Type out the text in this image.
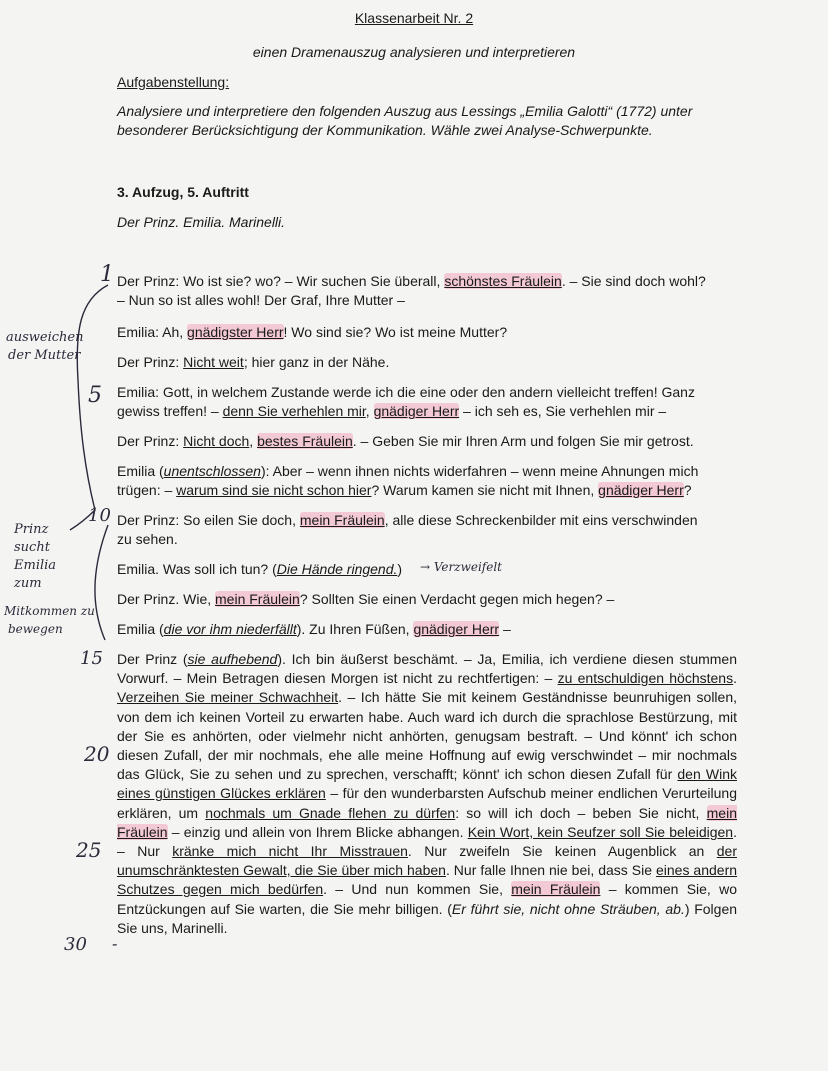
Klassenarbeit Nr. 2
einen Dramenauszug analysieren und interpretieren
Aufgabenstellung:
Analysiere und interpretiere den folgenden Auszug aus Lessings „Emilia Galotti“ (1772) unter besonderer Berücksichtigung der Kommunikation. Wähle zwei Analyse-Schwerpunkte.
3. Aufzug, 5. Auftritt
Der Prinz. Emilia. Marinelli.
Der Prinz: Wo ist sie? wo? – Wir suchen Sie überall, schönstes Fräulein. – Sie sind doch wohl?
– Nun so ist alles wohl! Der Graf, Ihre Mutter –
Emilia: Ah, gnädigster Herr! Wo sind sie? Wo ist meine Mutter?
Der Prinz: Nicht weit; hier ganz in der Nähe.
Emilia: Gott, in welchem Zustande werde ich die eine oder den andern vielleicht treffen! Ganz
gewiss treffen! – denn Sie verhehlen mir, gnädiger Herr – ich seh es, Sie verhehlen mir –
Der Prinz: Nicht doch, bestes Fräulein. – Geben Sie mir Ihren Arm und folgen Sie mir getrost.
Emilia (unentschlossen): Aber – wenn ihnen nichts widerfahren – wenn meine Ahnungen mich
trügen: – warum sind sie nicht schon hier? Warum kamen sie nicht mit Ihnen, gnädiger Herr?
Der Prinz: So eilen Sie doch, mein Fräulein, alle diese Schreckenbilder mit eins verschwinden
zu sehen.
Emilia. Was soll ich tun? (Die Hände ringend.)
Der Prinz. Wie, mein Fräulein? Sollten Sie einen Verdacht gegen mich hegen? –
Emilia (die vor ihm niederfällt). Zu Ihren Füßen, gnädiger Herr –
Der Prinz (sie aufhebend). Ich bin äußerst beschämt. – Ja, Emilia, ich verdiene diesen stummen Vorwurf. – Mein Betragen diesen Morgen ist nicht zu rechtfertigen: – zu entschuldigen höchstens. Verzeihen Sie meiner Schwachheit. – Ich hätte Sie mit keinem Geständnisse beunruhigen sollen, von dem ich keinen Vorteil zu erwarten habe. Auch ward ich durch die sprachlose Bestürzung, mit der Sie es anhörten, oder vielmehr nicht anhörten, genugsam bestraft. – Und könnt' ich schon diesen Zufall, der mir nochmals, ehe alle meine Hoffnung auf ewig verschwindet – mir nochmals das Glück, Sie zu sehen und zu sprechen, verschafft; könnt' ich schon diesen Zufall für den Wink eines günstigen Glückes erklären – für den wunderbarsten Aufschub meiner endlichen Verurteilung erklären, um nochmals um Gnade flehen zu dürfen: so will ich doch – beben Sie nicht, mein Fräulein – einzig und allein von Ihrem Blicke abhangen. Kein Wort, kein Seufzer soll Sie beleidigen. – Nur kränke mich nicht Ihr Misstrauen. Nur zweifeln Sie keinen Augenblick an der unumschränktesten Gewalt, die Sie über mich haben. Nur falle Ihnen nie bei, dass Sie eines andern Schutzes gegen mich bedürfen. – Und nun kommen Sie, mein Fräulein – kommen Sie, wo Entzückungen auf Sie warten, die Sie mehr billigen. (Er führt sie, nicht ohne Sträuben, ab.) Folgen Sie uns, Marinelli.
1
5
10
15
20
25
30 -
ausweichen
der Mutter
Prinz
sucht
Emilia
zum
Mitkommen zu
bewegen
→ Verzweifelt
